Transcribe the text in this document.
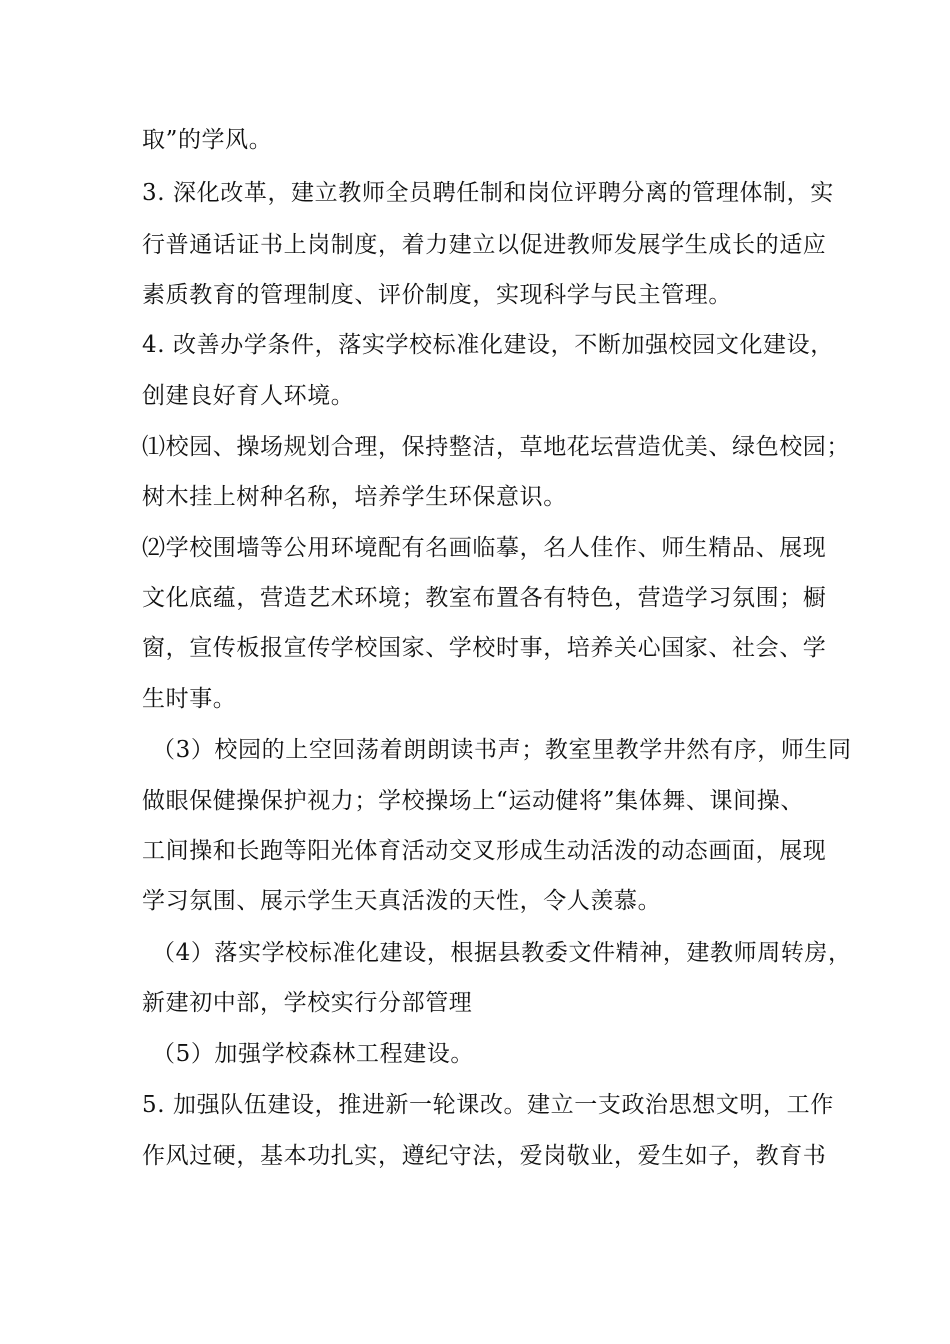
取”的学风。
3. 深化改革，建立教师全员聘任制和岗位评聘分离的管理体制，实
行普通话证书上岗制度，着力建立以促进教师发展学生成长的适应
素质教育的管理制度、评价制度，实现科学与民主管理。
4. 改善办学条件，落实学校标准化建设，不断加强校园文化建设，
创建良好育人环境。
⑴校园、操场规划合理，保持整洁，草地花坛营造优美、绿色校园；
树木挂上树种名称，培养学生环保意识。
⑵学校围墙等公用环境配有名画临摹，名人佳作、师生精品、展现
文化底蕴，营造艺术环境；教室布置各有特色，营造学习氛围；橱
窗，宣传板报宣传学校国家、学校时事，培养关心国家、社会、学
生时事。
（3）校园的上空回荡着朗朗读书声；教室里教学井然有序，师生同
做眼保健操保护视力；学校操场上“运动健将”集体舞、课间操、
工间操和长跑等阳光体育活动交叉形成生动活泼的动态画面，展现
学习氛围、展示学生天真活泼的天性，令人羡慕。
（4）落实学校标准化建设，根据县教委文件精神，建教师周转房，
新建初中部，学校实行分部管理
（5）加强学校森林工程建设。
5. 加强队伍建设，推进新一轮课改。建立一支政治思想文明，工作
作风过硬，基本功扎实，遵纪守法，爱岗敬业，爱生如子，教育书
